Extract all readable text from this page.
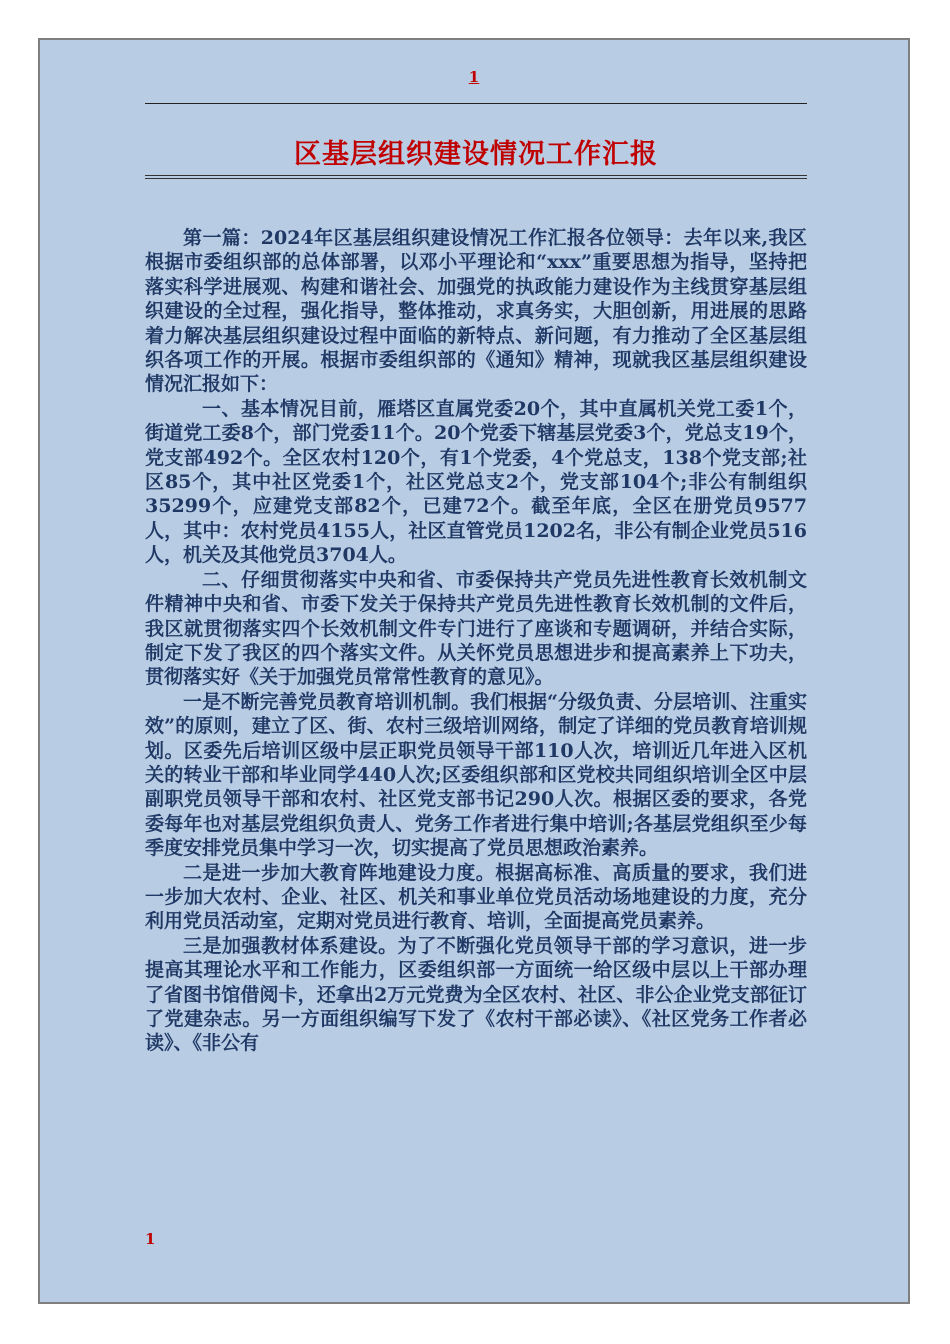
1
区基层组织建设情况工作汇报

第一篇：2024年区基层组织建设情况工作汇报各位领导：去年以来,我区根据市委组织部的总体部署，以邓小平理论和“xxx”重要思想为指导，坚持把落实科学进展观、构建和谐社会、加强党的执政能力建设作为主线贯穿基层组织建设的全过程，强化指导，整体推动，求真务实，大胆创新，用进展的思路着力解决基层组织建设过程中面临的新特点、新问题，有力推动了全区基层组织各项工作的开展。根据市委组织部的《通知》精神，现就我区基层组织建设情况汇报如下：

一、基本情况目前，雁塔区直属党委20个，其中直属机关党工委1个，街道党工委8个，部门党委11个。20个党委下辖基层党委3个，党总支19个，党支部492个。全区农村120个，有1个党委，4个党总支，138个党支部;社区85个，其中社区党委1个，社区党总支2个，党支部104个;非公有制组织35299个，应建党支部82个，已建72个。截至年底，全区在册党员9577人，其中：农村党员4155人，社区直管党员1202名，非公有制企业党员516人，机关及其他党员3704人。

二、仔细贯彻落实中央和省、市委保持共产党员先进性教育长效机制文件精神中央和省、市委下发关于保持共产党员先进性教育长效机制的文件后，我区就贯彻落实四个长效机制文件专门进行了座谈和专题调研，并结合实际，制定下发了我区的四个落实文件。从关怀党员思想进步和提高素养上下功夫，贯彻落实好《关于加强党员常常性教育的意见》。

一是不断完善党员教育培训机制。我们根据“分级负责、分层培训、注重实效”的原则，建立了区、街、农村三级培训网络，制定了详细的党员教育培训规划。区委先后培训区级中层正职党员领导干部110人次，培训近几年进入区机关的转业干部和毕业同学440人次;区委组织部和区党校共同组织培训全区中层副职党员领导干部和农村、社区党支部书记290人次。根据区委的要求，各党委每年也对基层党组织负责人、党务工作者进行集中培训;各基层党组织至少每季度安排党员集中学习一次，切实提高了党员思想政治素养。

二是进一步加大教育阵地建设力度。根据高标准、高质量的要求，我们进一步加大农村、企业、社区、机关和事业单位党员活动场地建设的力度，充分利用党员活动室，定期对党员进行教育、培训，全面提高党员素养。

三是加强教材体系建设。为了不断强化党员领导干部的学习意识，进一步提高其理论水平和工作能力，区委组织部一方面统一给区级中层以上干部办理了省图书馆借阅卡，还拿出2万元党费为全区农村、社区、非公企业党支部征订了党建杂志。另一方面组织编写下发了《农村干部必读》、《社区党务工作者必读》、《非公有

1
